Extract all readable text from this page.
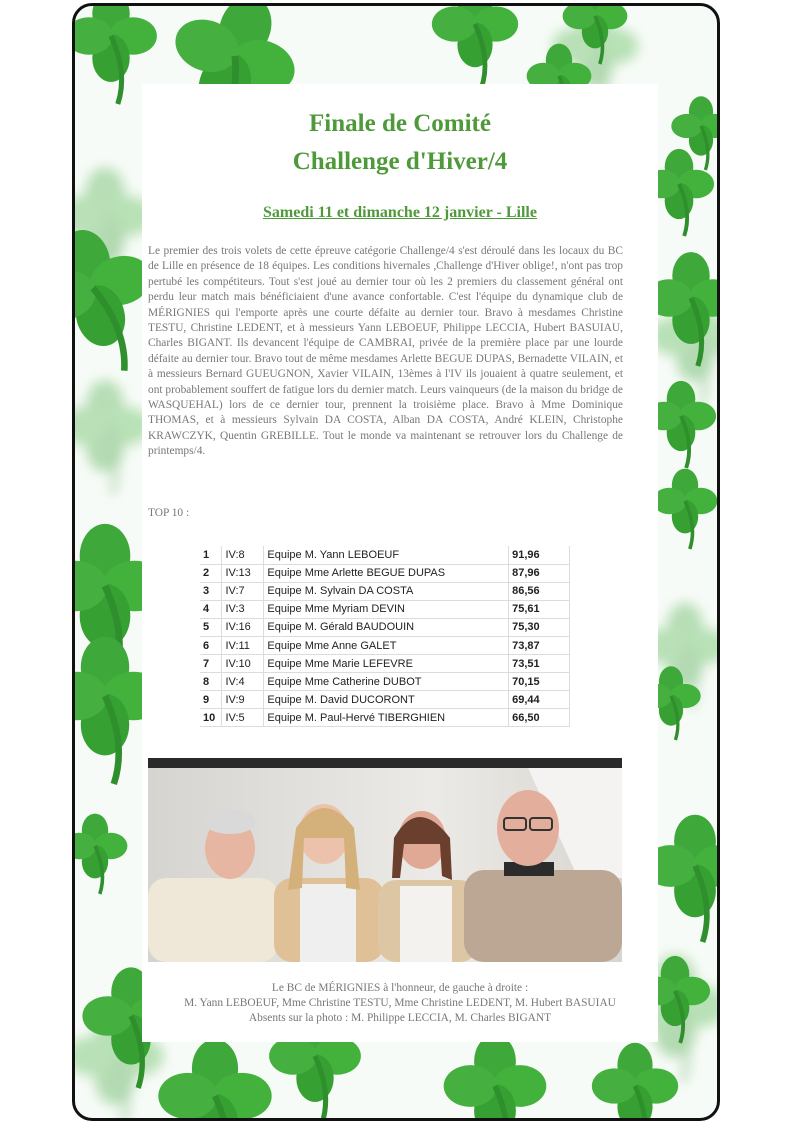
Finale de Comité
Challenge d'Hiver/4
Samedi 11 et dimanche 12 janvier - Lille

Le premier des trois volets de cette épreuve catégorie Challenge/4 s'est déroulé dans les locaux du BC de Lille en présence de 18 équipes. Les conditions hivernales ,Challenge d'Hiver oblige!, n'ont pas trop pertubé les compétiteurs. Tout s'est joué au dernier tour où les 2 premiers du classement général ont perdu leur match mais bénéficiaient d'une avance confortable. C'est l'équipe du dynamique club de MÉRIGNIES qui l'emporte après une courte défaite au dernier tour. Bravo à mesdames Christine TESTU, Christine LEDENT, et à messieurs Yann LEBOEUF, Philippe LECCIA, Hubert BASUIAU, Charles BIGANT. Ils devancent l'équipe de CAMBRAI, privée de la première place par une lourde défaite au dernier tour. Bravo tout de même mesdames Arlette BEGUE DUPAS, Bernadette VILAIN, et à messieurs Bernard GUEUGNON, Xavier VILAIN, 13èmes à l'IV ils jouaient à quatre seulement, et ont probablement souffert de fatigue lors du dernier match. Leurs vainqueurs (de la maison du bridge de WASQUEHAL) lors de ce dernier tour, prennent la troisième place. Bravo à Mme Dominique THOMAS, et à messieurs Sylvain DA COSTA, Alban DA COSTA, André KLEIN, Christophe KRAWCZYK, Quentin GREBILLE. Tout le monde va maintenant se retrouver lors du Challenge de printemps/4.

TOP 10 :
1	IV:8	Equipe M. Yann LEBOEUF	91,96
2	IV:13	Equipe Mme Arlette BEGUE DUPAS	87,96
3	IV:7	Equipe M. Sylvain DA COSTA	86,56
4	IV:3	Equipe Mme Myriam DEVIN	75,61
5	IV:16	Equipe M. Gérald BAUDOUIN	75,30
6	IV:11	Equipe Mme Anne GALET	73,87
7	IV:10	Equipe Mme Marie LEFEVRE	73,51
8	IV:4	Equipe Mme Catherine DUBOT	70,15
9	IV:9	Equipe M. David DUCORONT	69,44
10	IV:5	Equipe M. Paul-Hervé TIBERGHIEN	66,50
Le BC de MÉRIGNIES à l'honneur, de gauche à droite :
M. Yann LEBOEUF, Mme Christine TESTU, Mme Christine LEDENT, M. Hubert BASUIAU
Absents sur la photo : M. Philippe LECCIA, M. Charles BIGANT
